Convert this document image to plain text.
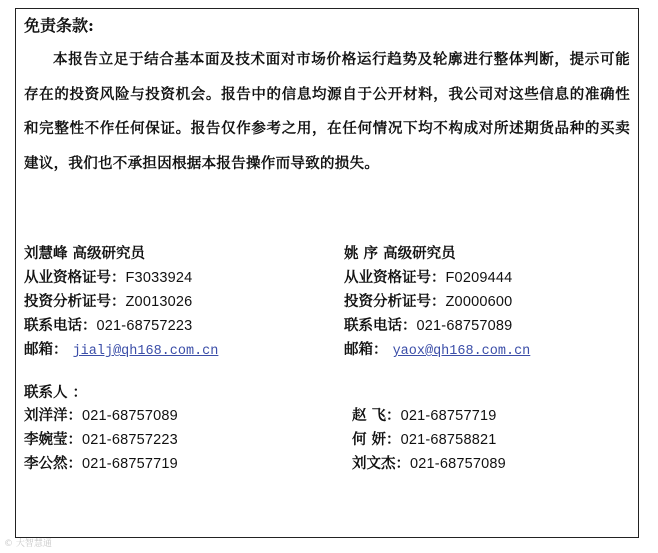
免责条款:

本报告立足于结合基本面及技术面对市场价格运行趋势及轮廓进行整体判断，提示可能存在的投资风险与投资机会。报告中的信息均源自于公开材料，我公司对这些信息的准确性和完整性不作任何保证。报告仅作参考之用，在任何情况下均不构成对所述期货品种的买卖建议，我们也不承担因根据本报告操作而导致的损失。

刘慧峰 高级研究员
从业资格证号：F3033924
投资分析证号：Z0013026
联系电话：021-68757223
邮箱： jialj@qh168.com.cn
姚 序 高级研究员
从业资格证号：F0209444
投资分析证号：Z0000600
联系电话：021-68757089
邮箱： yaox@qh168.com.cn
联系人 ：
刘洋洋：021-68757089
李婉莹：021-68757223
李公然：021-68757719
赵 飞：021-68757719
何 妍：021-68758821
刘文杰：021-68757089
© 大智慧通
